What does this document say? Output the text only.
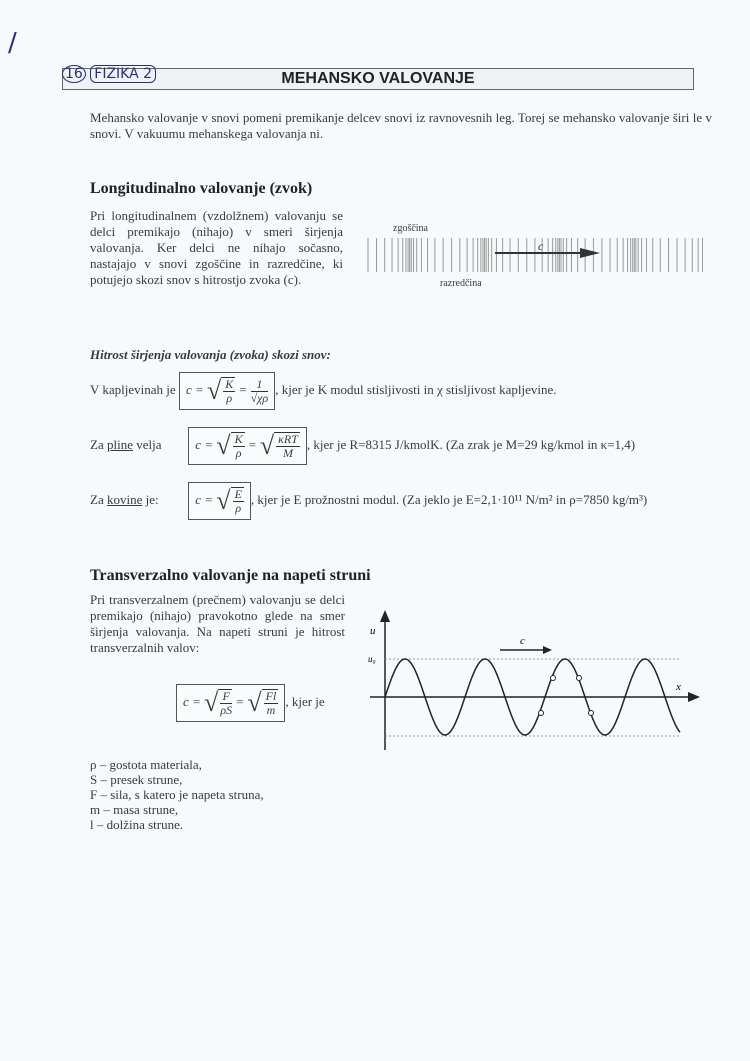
/
MEHANSKO VALOVANJE
16 FIZIKA 2

Mehansko valovanje v snovi pomeni premikanje delcev snovi iz ravnovesnih leg. Torej se mehansko valovanje širi le v snovi. V vakuumu mehanskega valovanja ni.

Longitudinalno valovanje (zvok)

Pri longitudinalnem (vzdolžnem) valovanju se delci premikajo (nihajo) v smeri širjenja valovanja. Ker delci ne nihajo sočasno, nastajajo v snovi zgoščine in razredčine, ki potujejo skozi snov s hitrostjo zvoka (c).

zgoščina
c
razredčina
Hitrost širjenja valovanja (zvoka) skozi snov:
V kapljevinah je c = √ $\frac{K}{\rho} = \frac{1}{√\chi\rho}$ , kjer je K modul stisljivosti in χ stisljivost kapljevine.
Za pline velja	c = √ $\frac{K}{\rho}$ = √ $\frac{\text{κRT}}{M}$ , kjer je R=8315 J/kmolK. (Za zrak je M=29 kg/kmol in κ=1,4)
Za kovine je:	c = √ $\frac{E}{\rho}$ , kjer je E prožnostni modul. (Za jeklo je E=2,1·10¹¹ N/m² in ρ=7850 kg/m³)
Transverzalno valovanje na napeti struni

Pri transverzalnem (prečnem) valovanju se delci premikajo (nihajo) pravokotno glede na smer širjenja valovanja. Na napeti struni je hitrost transverzalnih valov:

c = √ $\frac{F}{\rho S}$ = √ $\frac{Fl}{m}$ , kjer je
ρ – gostota materiala,
S – presek strune,
F – sila, s katero je napeta struna,
m – masa strune,
l – dolžina strune.
c
u
u₀
x
